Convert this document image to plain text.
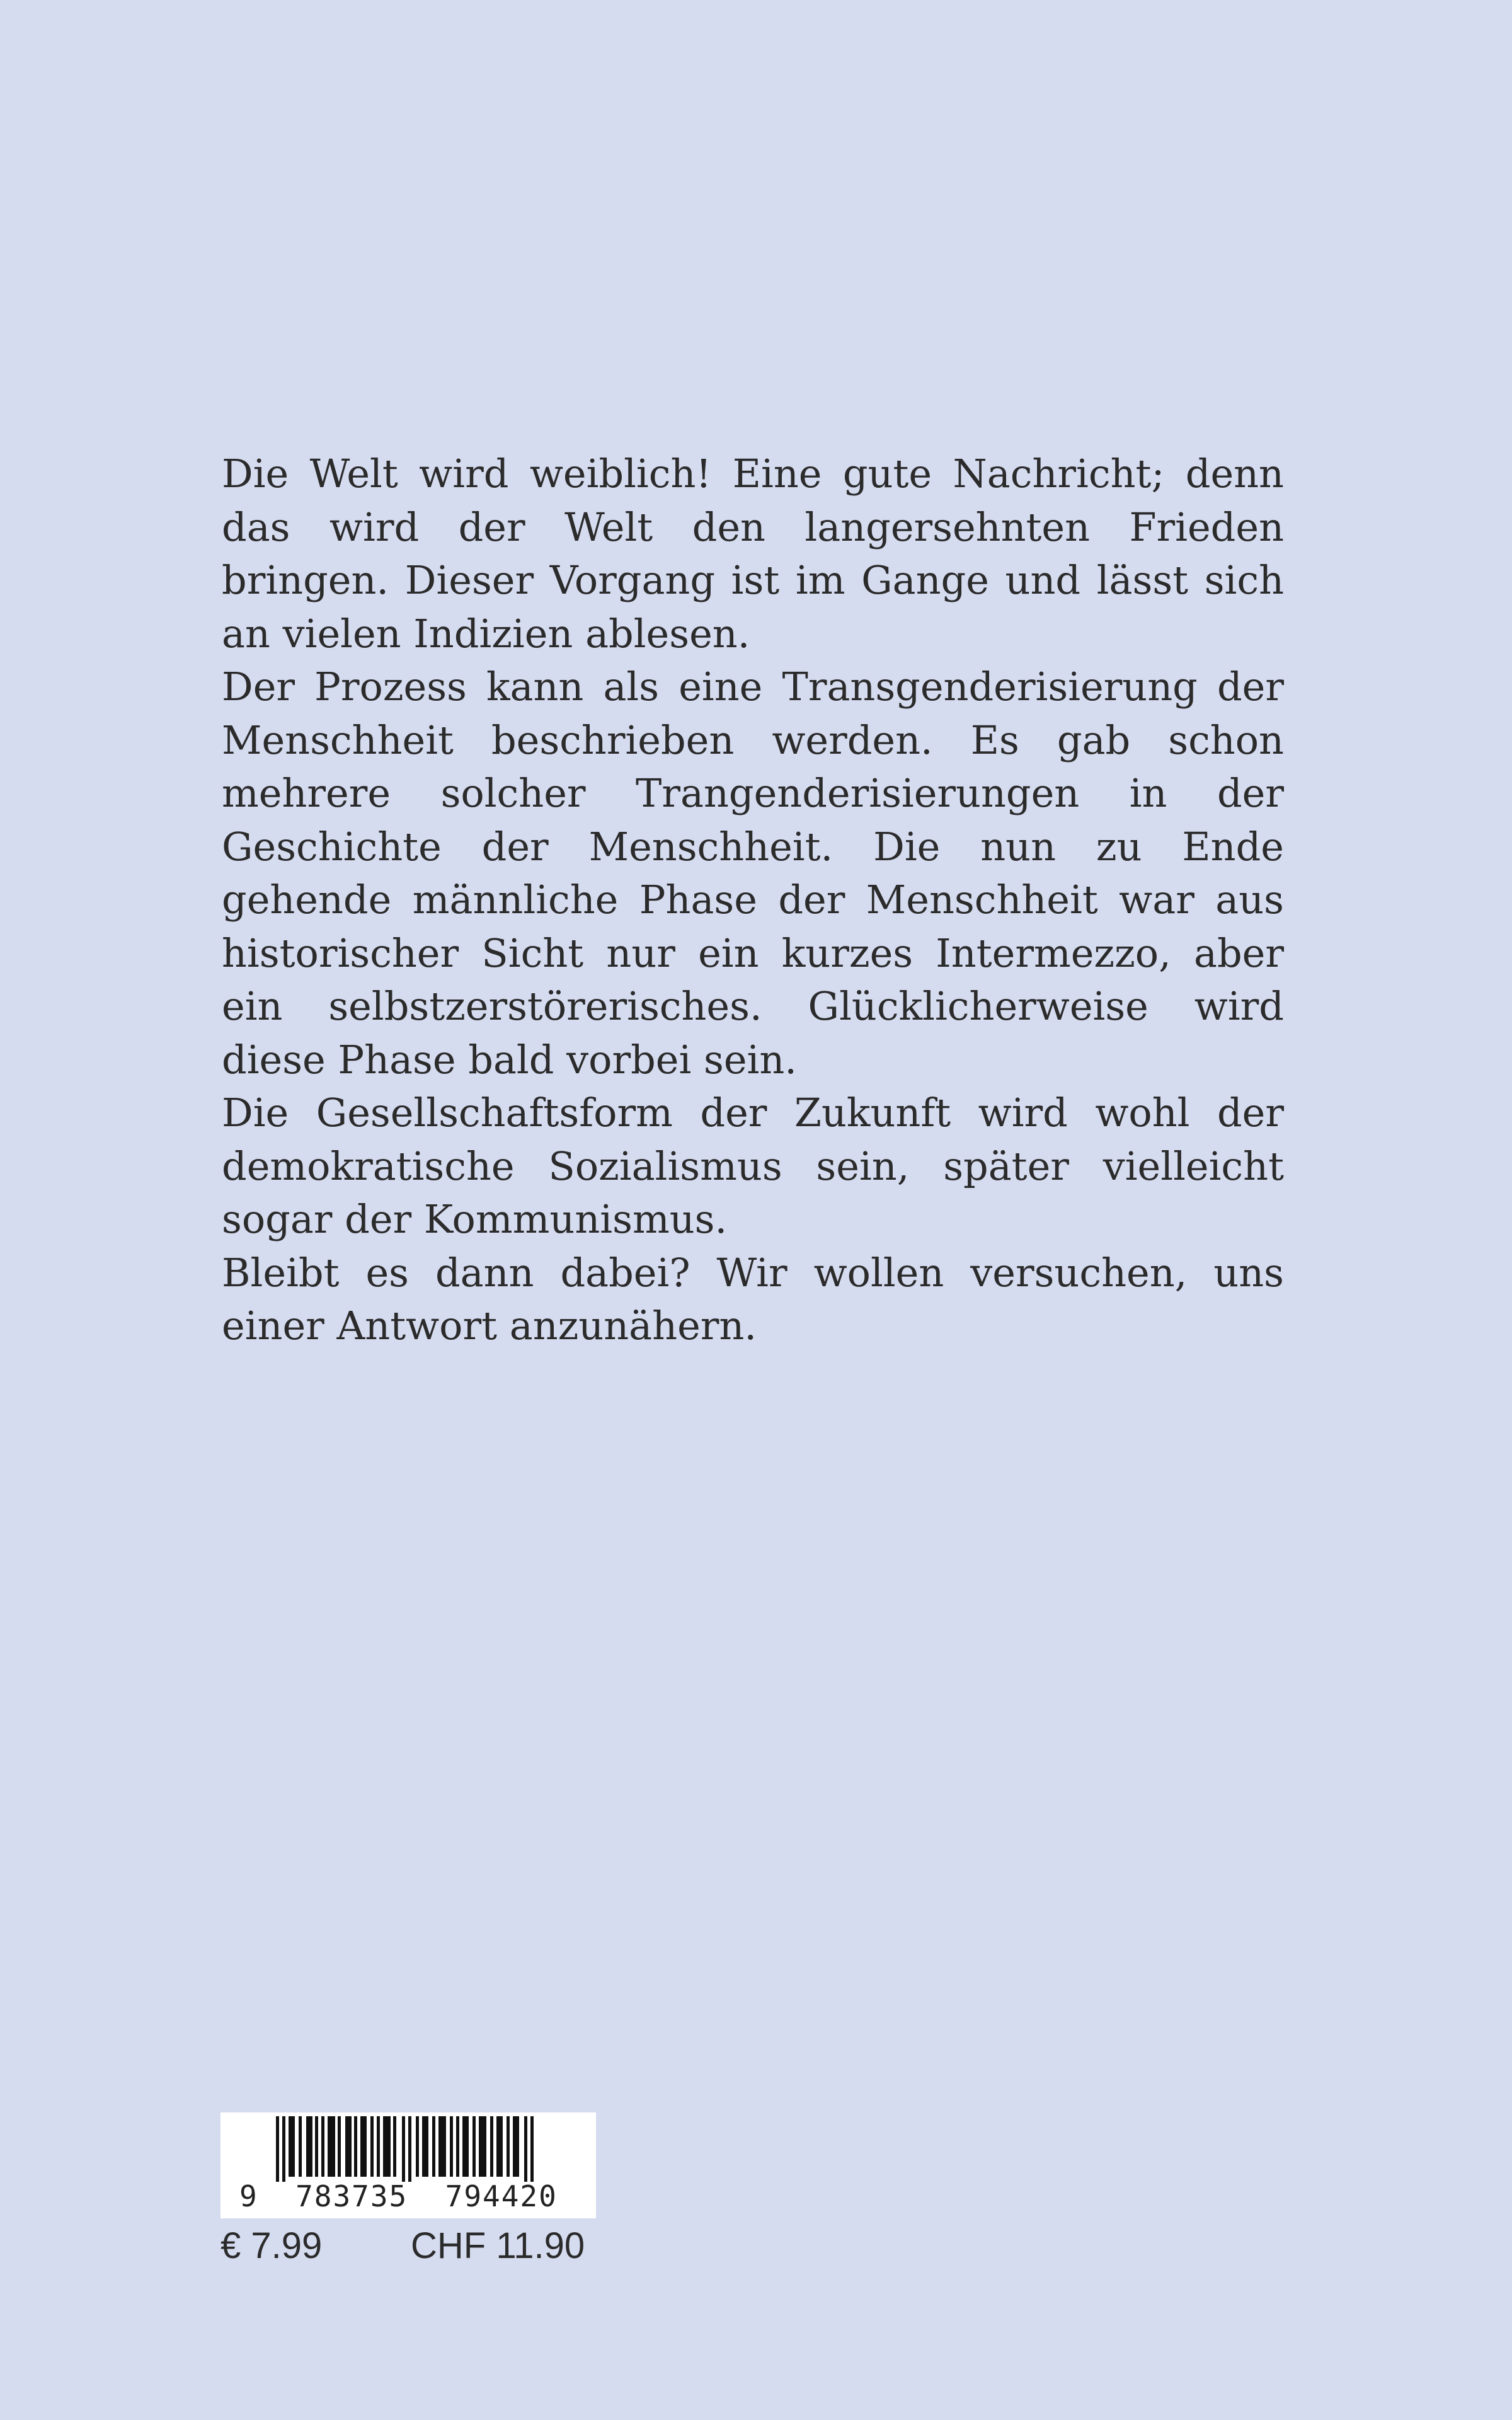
Die Welt wird weiblich! Eine gute Nachricht; denn das wird der Welt den langersehnten Frieden bringen. Dieser Vorgang ist im Gange und lässt sich an vielen Indizien ablesen.

Der Prozess kann als eine Transgenderisierung der Menschheit beschrieben werden. Es gab schon mehrere solcher Trangenderisierungen in der Geschichte der Menschheit. Die nun zu Ende gehende männliche Phase der Menschheit war aus historischer Sicht nur ein kurzes Intermezzo, aber ein selbstzerstörerisches. Glücklicherweise wird diese Phase bald vorbei sein.

Die Gesellschaftsform der Zukunft wird wohl der demokratische Sozialismus sein, später vielleicht sogar der Kommunismus.

Bleibt es dann dabei? Wir wollen versuchen, uns einer Antwort anzunähern.

9  783735  794420
€ 7.99 CHF 11.90
